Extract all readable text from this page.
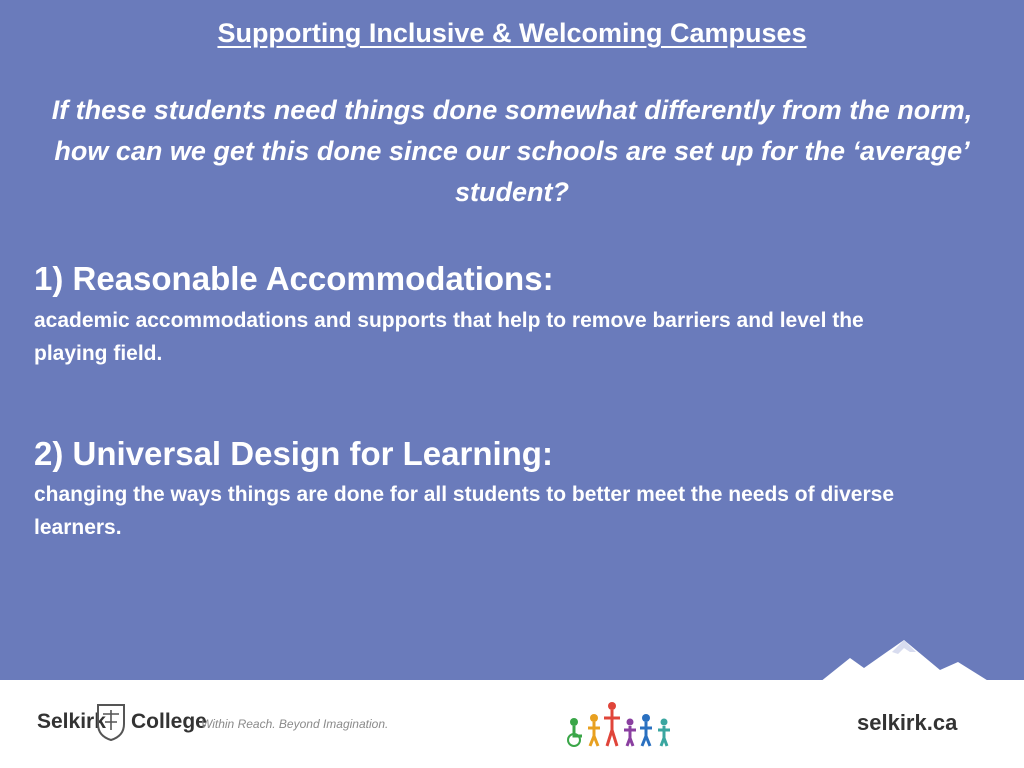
Supporting Inclusive & Welcoming Campuses
If these students need things done somewhat differently from the norm, how can we get this done since our schools are set up for the ‘average’ student?
1) Reasonable Accommodations:
academic accommodations and supports that help to remove barriers and level the playing field.
2) Universal Design for Learning:
changing the ways things are done for all students to better meet the needs of diverse learners.
Selkirk College
Within Reach. Beyond Imagination.	selkirk.ca
